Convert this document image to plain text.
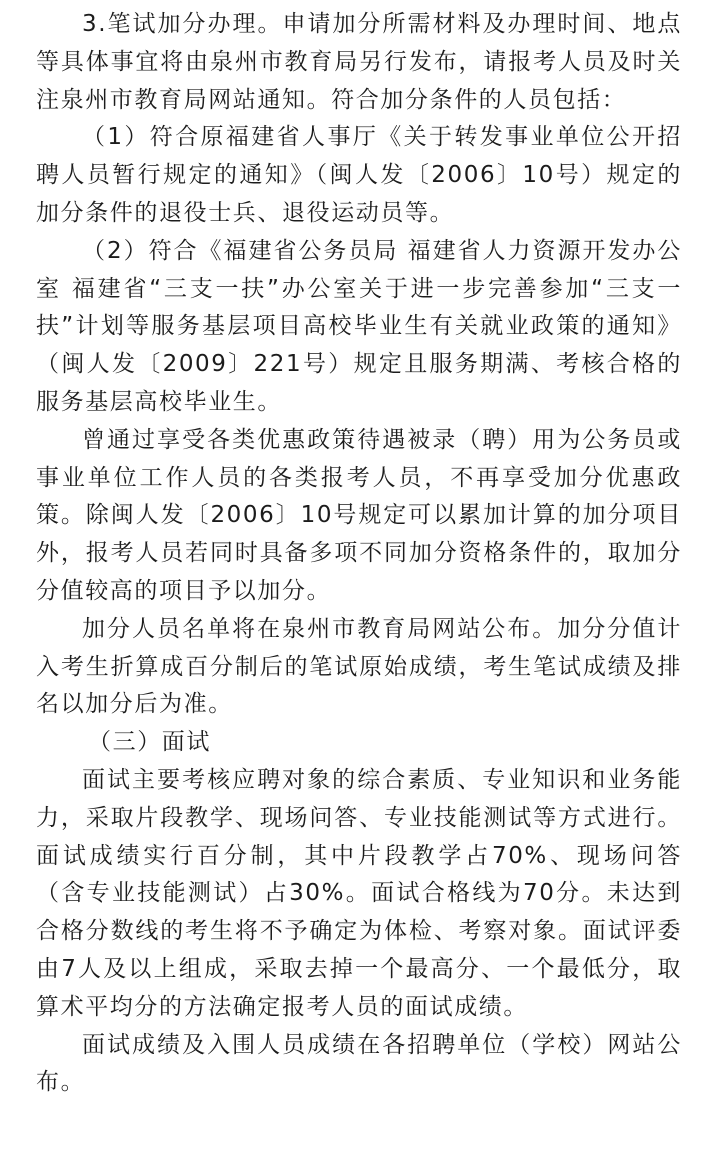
3.笔试加分办理。申请加分所需材料及办理时间、地点等具体事宜将由泉州市教育局另行发布，请报考人员及时关注泉州市教育局网站通知。符合加分条件的人员包括：

（1）符合原福建省人事厅《关于转发事业单位公开招聘人员暂行规定的通知》（闽人发〔2006〕10号）规定的加分条件的退役士兵、退役运动员等。

（2）符合《福建省公务员局 福建省人力资源开发办公室 福建省“三支一扶”办公室关于进一步完善参加“三支一扶”计划等服务基层项目高校毕业生有关就业政策的通知》（闽人发〔2009〕221号）规定且服务期满、考核合格的服务基层高校毕业生。

曾通过享受各类优惠政策待遇被录（聘）用为公务员或事业单位工作人员的各类报考人员，不再享受加分优惠政策。除闽人发〔2006〕10号规定可以累加计算的加分项目外，报考人员若同时具备多项不同加分资格条件的，取加分分值较高的项目予以加分。

加分人员名单将在泉州市教育局网站公布。加分分值计入考生折算成百分制后的笔试原始成绩，考生笔试成绩及排名以加分后为准。

（三）面试

面试主要考核应聘对象的综合素质、专业知识和业务能力，采取片段教学、现场问答、专业技能测试等方式进行。面试成绩实行百分制，其中片段教学占70%、现场问答（含专业技能测试）占30%。面试合格线为70分。未达到合格分数线的考生将不予确定为体检、考察对象。面试评委由7人及以上组成，采取去掉一个最高分、一个最低分，取算术平均分的方法确定报考人员的面试成绩。

面试成绩及入围人员成绩在各招聘单位（学校）网站公布。
